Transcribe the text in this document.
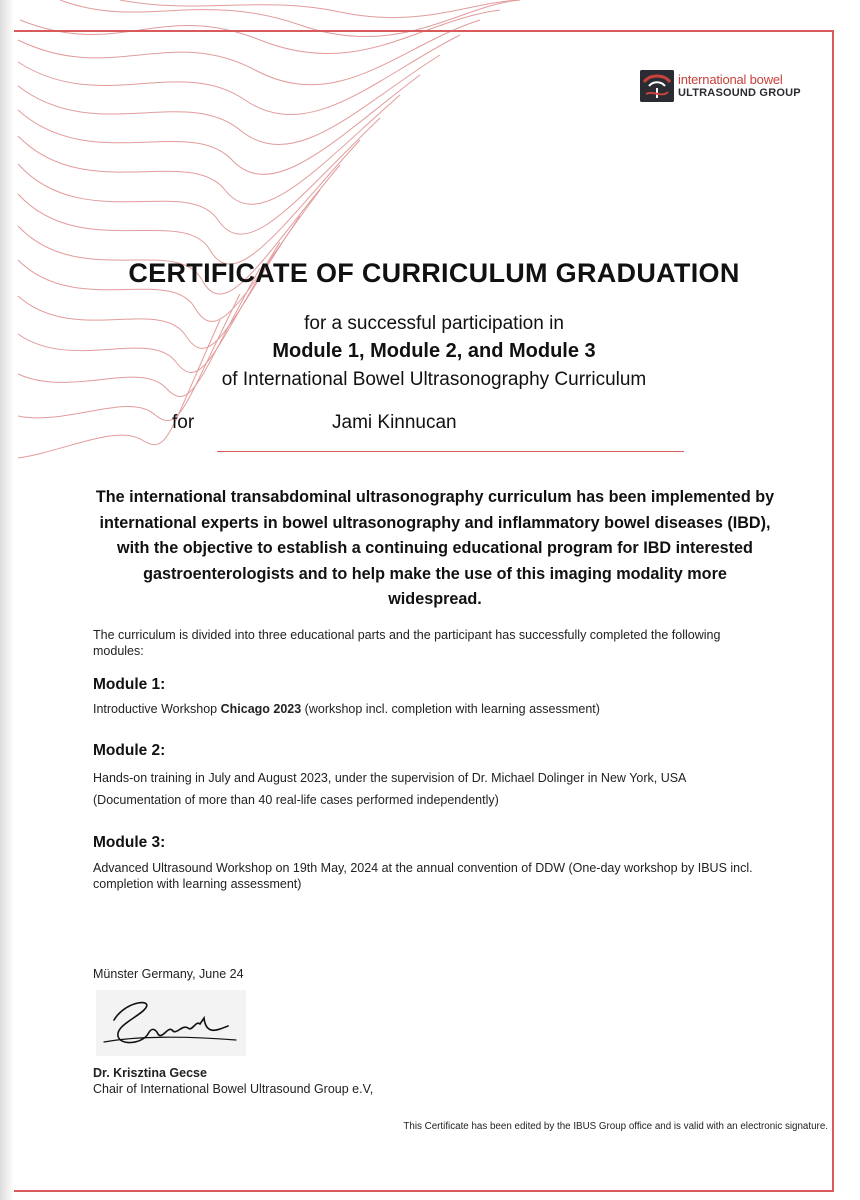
international bowel
ULTRASOUND GROUP
CERTIFICATE OF CURRICULUM GRADUATION
for a successful participation in
Module 1, Module 2, and Module 3
of International Bowel Ultrasonography Curriculum
for	Jami Kinnucan
The international transabdominal ultrasonography curriculum has been implemented by international experts in bowel ultrasonography and inflammatory bowel diseases (IBD), with the objective to establish a continuing educational program for IBD interested gastroenterologists and to help make the use of this imaging modality more widespread.
The curriculum is divided into three educational parts and the participant has successfully completed the following modules:
Module 1:
Introductive Workshop Chicago 2023 (workshop incl. completion with learning assessment)
Module 2:
Hands-on training in July and August 2023, under the supervision of Dr. Michael Dolinger in New York, USA (Documentation of more than 40 real-life cases performed independently)
Module 3:
Advanced Ultrasound Workshop on 19th May, 2024 at the annual convention of DDW (One-day workshop by IBUS incl. completion with learning assessment)
Münster Germany, June 24
Dr. Krisztina Gecse
Chair of International Bowel Ultrasound Group e.V,
This Certificate has been edited by the IBUS Group office and is valid with an electronic signature.
